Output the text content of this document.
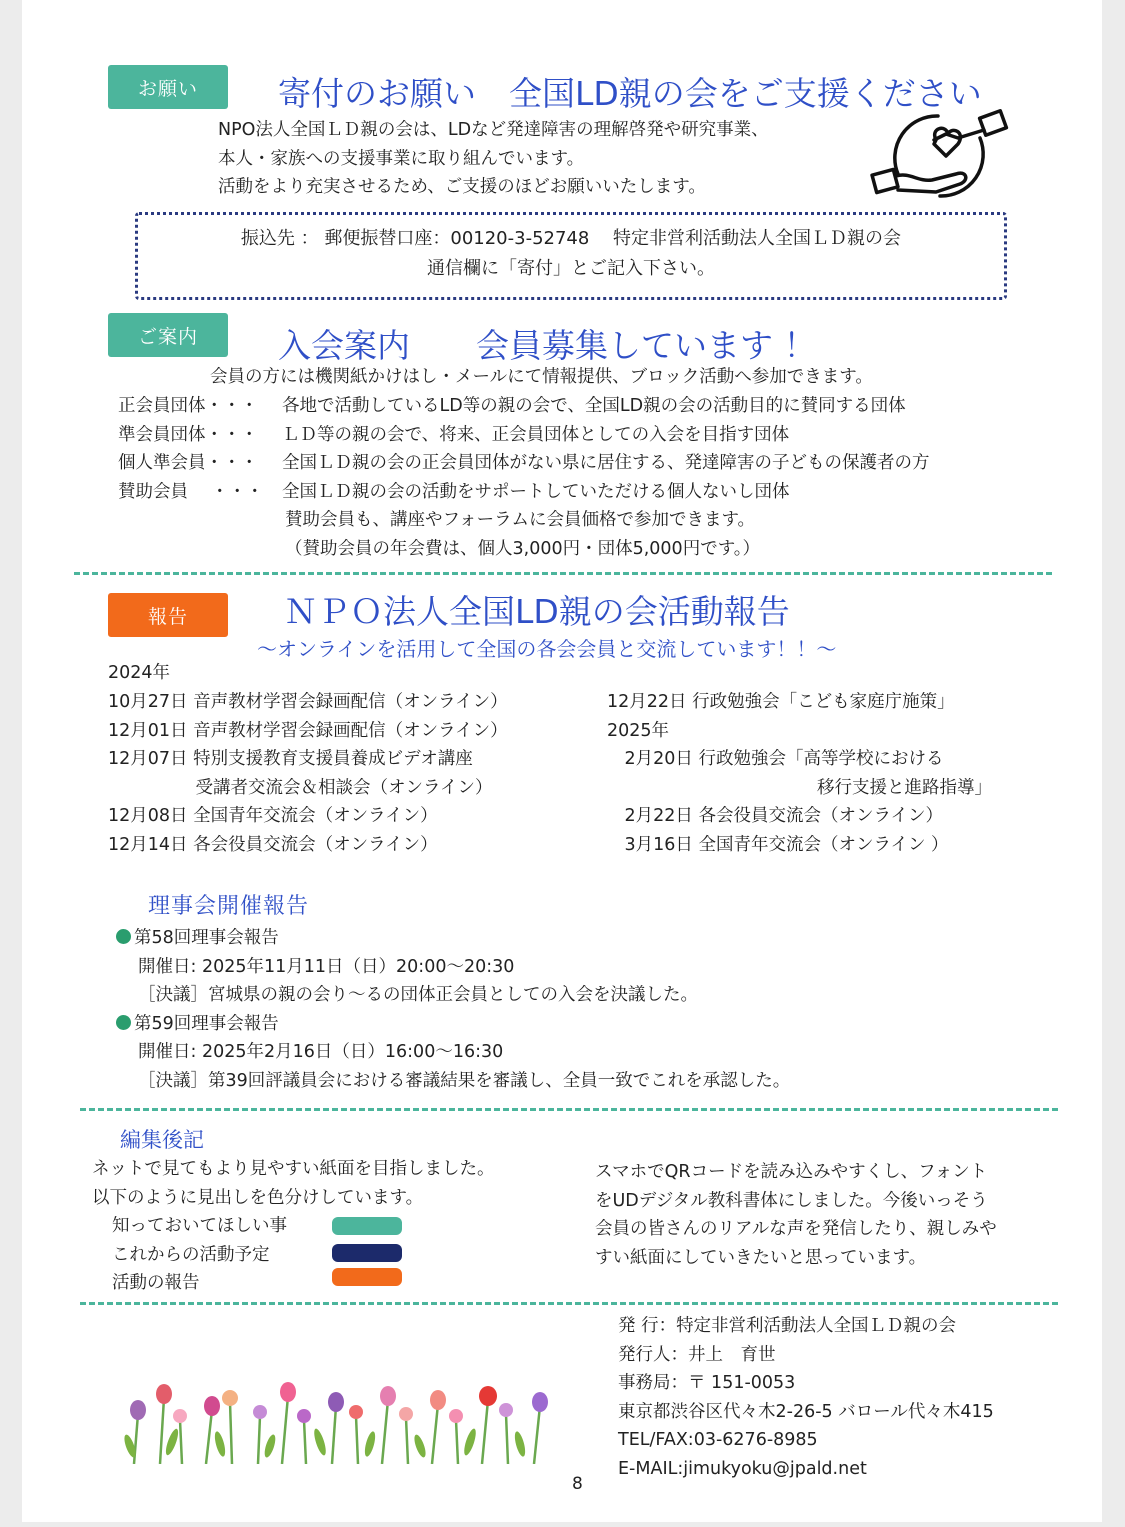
お願い	寄付のお願い　全国LD親の会をご支援ください
NPO法人全国ＬＤ親の会は、LDなど発達障害の理解啓発や研究事業、
本人・家族への支援事業に取り組んでいます。
活動をより充実させるため、ご支援のほどお願いいたします。
振込先 ： 郵便振替口座：00120-3-52748　 特定非営利活動法人全国ＬＤ親の会
通信欄に「寄付」とご記入下さい。
ご案内	入会案内　　会員募集しています ！
会員の方には機関紙かけはし・メールにて情報提供、ブロック活動へ参加できます。
正会員団体・・・ 各地で活動しているLD等の親の会で、全国LD親の会の活動目的に賛同する団体
準会員団体・・・ ＬＤ等の親の会で、将来、正会員団体としての入会を目指す団体
個人準会員・・・ 全国ＬＤ親の会の正会員団体がない県に居住する、発達障害の子どもの保護者の方
賛助会員　 ・・・ 全国ＬＤ親の会の活動をサポートしていただける個人ないし団体
賛助会員も、講座やフォーラムに会員価格で参加できます。
（賛助会員の年会費は、個人3,000円・団体5,000円です。）
報告	ＮＰＯ法人全国LD親の会活動報告
～オンラインを活用して全国の各会会員と交流しています！！～
2024年
10月27日 音声教材学習会録画配信（オンライン）
12月01日 音声教材学習会録画配信（オンライン）
12月07日 特別支援教育支援員養成ビデオ講座
　　　　　受講者交流会＆相談会（オンライン）
12月08日 全国青年交流会（オンライン）
12月14日 各会役員交流会（オンライン）
12月22日 行政勉強会「こども家庭庁施策」
2025年
　2月20日 行政勉強会「高等学校における
　　　　　　　　　　　　移行支援と進路指導」
　2月22日 各会役員交流会（オンライン）
　3月16日 全国青年交流会（オンライン ）
理事会開催報告
第58回理事会報告
開催日: 2025年11月11日（日）20:00～20:30
［決議］宮城県の親の会り～るの団体正会員としての入会を決議した。
第59回理事会報告
開催日: 2025年2月16日（日）16:00～16:30
［決議］第39回評議員会における審議結果を審議し、全員一致でこれを承認した。
編集後記
ネットで見てもより見やすい紙面を目指しました。
以下のように見出しを色分けしています。
知っておいてほしい事
これからの活動予定
活動の報告
スマホでQRコードを読み込みやすくし、フォント
をUDデジタル教科書体にしました。今後いっそう
会員の皆さんのリアルな声を発信したり、親しみや
すい紙面にしていきたいと思っています。
発 行：特定非営利活動法人全国ＬＤ親の会
発行人：井上　育世
事務局：〒 151-0053
東京都渋谷区代々木2-26-5 バロール代々木415
TEL/FAX:03-6276-8985
E-MAIL:jimukyoku@jpald.net
8
